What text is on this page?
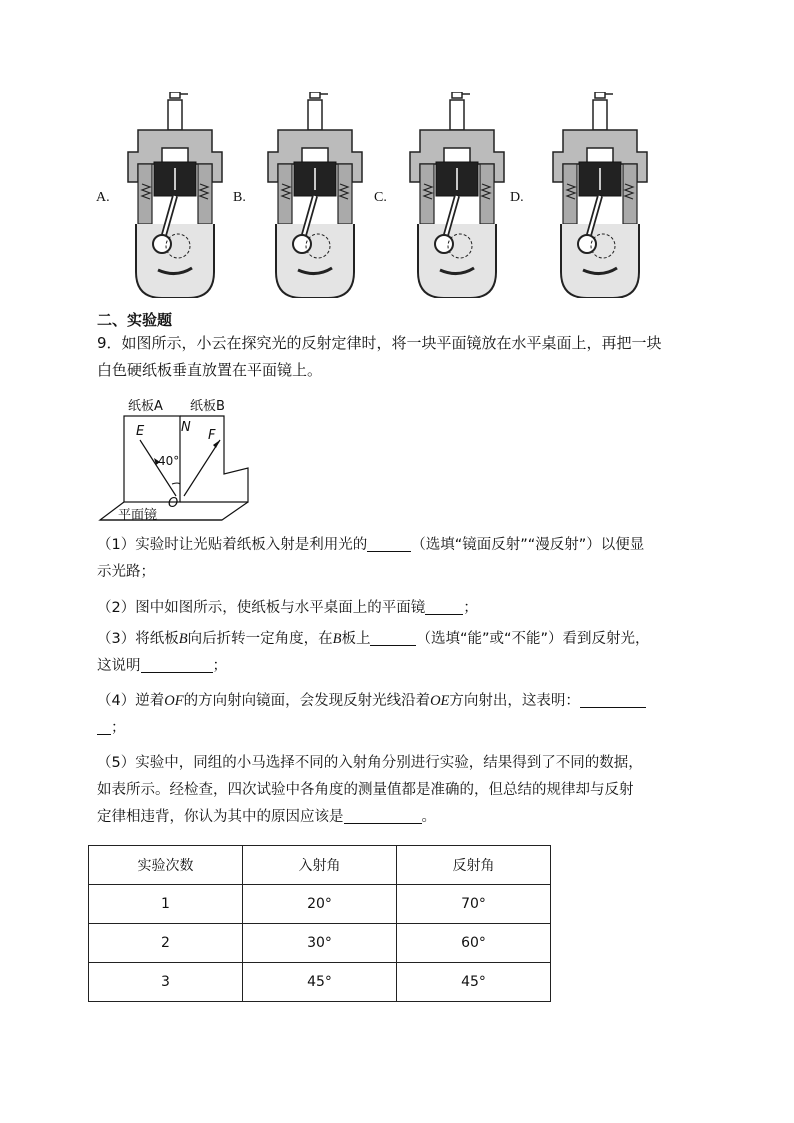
A.	B.	C.	D.
二、实验题
9．如图所示，小云在探究光的反射定律时，将一块平面镜放在水平桌面上，再把一块
白色硬纸板垂直放置在平面镜上。
纸板A 纸板B
E	N
F
40°
O
平面镜
（1）实验时让光贴着纸板入射是利用光的	（选填“镜面反射”“漫反射”）以便显
示光路；
（2）图中如图所示，使纸板与水平桌面上的平面镜	；
（3）将纸板B向后折转一定角度，在B板上	（选填“能”或“不能”）看到反射光，
这说明	；
（4）逆着OF的方向射向镜面，会发现反射光线沿着OE方向射出，这表明：
；
（5）实验中，同组的小马选择不同的入射角分别进行实验，结果得到了不同的数据，
如表所示。经检查，四次试验中各角度的测量值都是准确的，但总结的规律却与反射
定律相违背，你认为其中的原因应该是	。
实验次数	入射角	反射角
1	20°	70°
2	30°	60°
3	45°	45°
